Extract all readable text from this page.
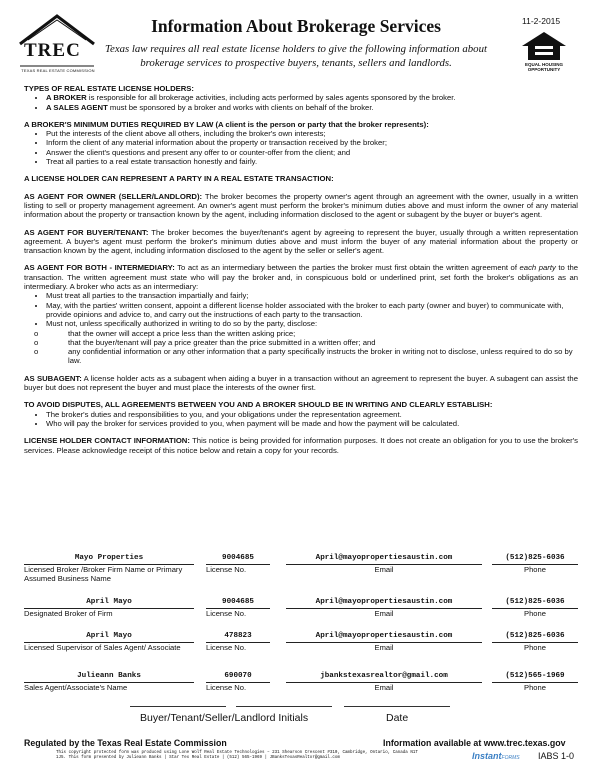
TREC
TEXAS REAL ESTATE COMMISSION
Information About Brokerage Services
Texas law requires all real estate license holders to give the following information about brokerage services to prospective buyers, tenants, sellers and landlords.
11-2-2015
EQUAL HOUSING OPPORTUNITY
TYPES OF REAL ESTATE LICENSE HOLDERS:
• A BROKER is responsible for all brokerage activities, including acts performed by sales agents sponsored by the broker.
• A SALES AGENT must be sponsored by a broker and works with clients on behalf of the broker.
A BROKER'S MINIMUM DUTIES REQUIRED BY LAW (A client is the person or party that the broker represents):
• Put the interests of the client above all others, including the broker's own interests;
• Inform the client of any material information about the property or transaction received by the broker;
• Answer the client's questions and present any offer to or counter-offer from the client; and
• Treat all parties to a real estate transaction honestly and fairly.
A LICENSE HOLDER CAN REPRESENT A PARTY IN A REAL ESTATE TRANSACTION:

AS AGENT FOR OWNER (SELLER/LANDLORD): The broker becomes the property owner's agent through an agreement with the owner, usually in a written listing to sell or property management agreement. An owner's agent must perform the broker's minimum duties above and must inform the owner of any material information about the property or transaction known by the agent, including information disclosed to the agent or subagent by the buyer or buyer's agent.

AS AGENT FOR BUYER/TENANT: The broker becomes the buyer/tenant's agent by agreeing to represent the buyer, usually through a written representation agreement. A buyer's agent must perform the broker's minimum duties above and must inform the buyer of any material information about the property or transaction known by the agent, including information disclosed to the agent by the seller or seller's agent.

AS AGENT FOR BOTH - INTERMEDIARY: To act as an intermediary between the parties the broker must first obtain the written agreement of each party to the transaction. The written agreement must state who will pay the broker and, in conspicuous bold or underlined print, set forth the broker's obligations as an intermediary. A broker who acts as an intermediary:

• Must treat all parties to the transaction impartially and fairly;
• May, with the parties' written consent, appoint a different license holder associated with the broker to each party (owner and buyer) to communicate with, provide opinions and advice to, and carry out the instructions of each party to the transaction.
• Must not, unless specifically authorized in writing to do so by the party, disclose:
o	that the owner will accept a price less than the written asking price;
o	that the buyer/tenant will pay a price greater than the price submitted in a written offer; and
o	any confidential information or any other information that a party specifically instructs the broker in writing not to disclose, unless required to do so by law.

AS SUBAGENT: A license holder acts as a subagent when aiding a buyer in a transaction without an agreement to represent the buyer. A subagent can assist the buyer but does not represent the buyer and must place the interests of the owner first.

TO AVOID DISPUTES, ALL AGREEMENTS BETWEEN YOU AND A BROKER SHOULD BE IN WRITING AND CLEARLY ESTABLISH:
• The broker's duties and responsibilities to you, and your obligations under the representation agreement.
• Who will pay the broker for services provided to you, when payment will be made and how the payment will be calculated.

LICENSE HOLDER CONTACT INFORMATION: This notice is being provided for information purposes. It does not create an obligation for you to use the broker's services. Please acknowledge receipt of this notice below and retain a copy for your records.

Mayo Properties	9004685	April@mayopropertiesaustin.com	(512)825-6036
Licensed Broker /Broker Firm Name or Primary Assumed Business Name
License No.	Email	Phone
April Mayo	9004685	April@mayopropertiesaustin.com	(512)825-6036
Designated Broker of Firm	License No.	Email	Phone
April Mayo	478823	April@mayopropertiesaustin.com	(512)825-6036
Licensed Supervisor of Sales Agent/ Associate	License No.	Email	Phone
Julieann Banks	690070	jbankstexasrealtor@gmail.com	(512)565-1969
Sales Agent/Associate's Name	License No.	Email	Phone
Buyer/Tenant/Seller/Landlord Initials	Date
Regulated by the Texas Real Estate Commission	Information available at www.trec.texas.gov
This copyright protected form was produced using Lone Wolf Real Estate Technologies – 231 Shearson Crescent #310, Cambridge, Ontario, Canada N1T
1J5. This form presented by Julieann Banks | Star Tex Real Estate | (512) 565-1969 | JBanksTexasRealtor@gmail.com	InstantFORMS IABS 1-0
